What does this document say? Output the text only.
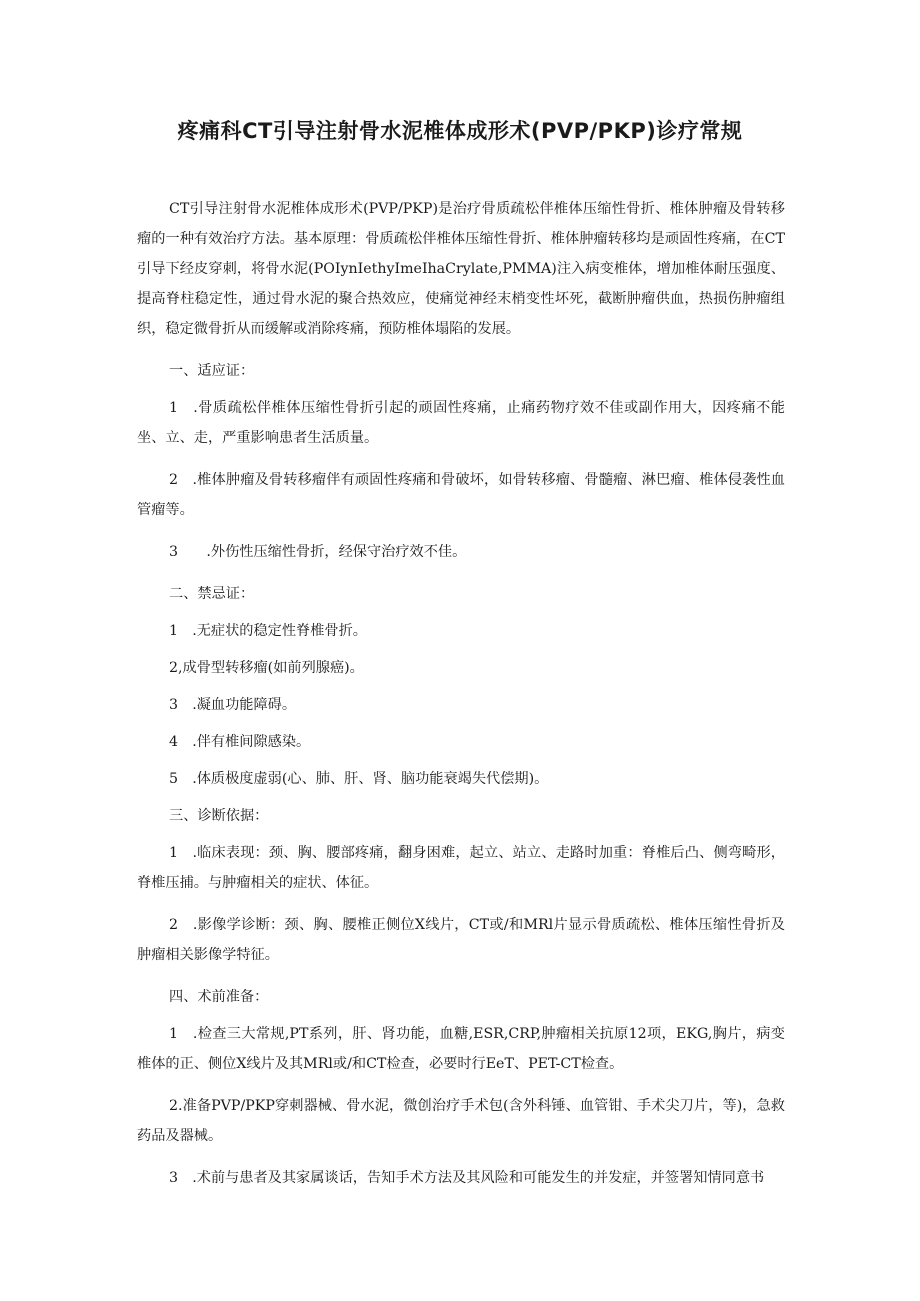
疼痛科CT引导注射骨水泥椎体成形术(PVP/PKP)诊疗常规

CT引导注射骨水泥椎体成形术(PVP/PKP)是治疗骨质疏松伴椎体压缩性骨折、椎体肿瘤及骨转移瘤的一种有效治疗方法。基本原理：骨质疏松伴椎体压缩性骨折、椎体肿瘤转移均是顽固性疼痛，在CT引导下经皮穿刺，将骨水泥(POIynIethyImeIhaCrylate,PMMA)注入病变椎体，增加椎体耐压强度、提高脊柱稳定性，通过骨水泥的聚合热效应，使痛觉神经末梢变性坏死，截断肿瘤供血，热损伤肿瘤组织，稳定微骨折从而缓解或消除疼痛，预防椎体塌陷的发展。

一、适应证：

1　.骨质疏松伴椎体压缩性骨折引起的顽固性疼痛，止痛药物疗效不佳或副作用大，因疼痛不能坐、立、走，严重影响患者生活质量。

2　.椎体肿瘤及骨转移瘤伴有顽固性疼痛和骨破坏，如骨转移瘤、骨髓瘤、淋巴瘤、椎体侵袭性血管瘤等。

3　　.外伤性压缩性骨折，经保守治疗效不佳。

二、禁忌证：

1　.无症状的稳定性脊椎骨折。

2,成骨型转移瘤(如前列腺癌)。

3　.凝血功能障碍。

4　.伴有椎间隙感染。

5　.体质极度虚弱(心、肺、肝、肾、脑功能衰竭失代偿期)。

三、诊断依据：

1　.临床表现：颈、胸、腰部疼痛，翻身困难，起立、站立、走路时加重：脊椎后凸、侧弯畸形，脊椎压捕。与肿瘤相关的症状、体征。

2　.影像学诊断：颈、胸、腰椎正侧位X线片，CT或/和MRl片显示骨质疏松、椎体压缩性骨折及肿瘤相关影像学特征。

四、术前准备：

1　.检查三大常规,PT系列，肝、肾功能，血糖,ESR,CRP,肿瘤相关抗原12项，EKG,胸片，病变椎体的正、侧位X线片及其MRl或/和CT检查，必要时行EeT、PET-CT检查。

2.准备PVP/PKP穿刺器械、骨水泥，微创治疗手术包(含外科锤、血管钳、手术尖刀片，等)，急救药品及器械。

3　.术前与患者及其家属谈话，告知手术方法及其风险和可能发生的并发症，并签署知情同意书
